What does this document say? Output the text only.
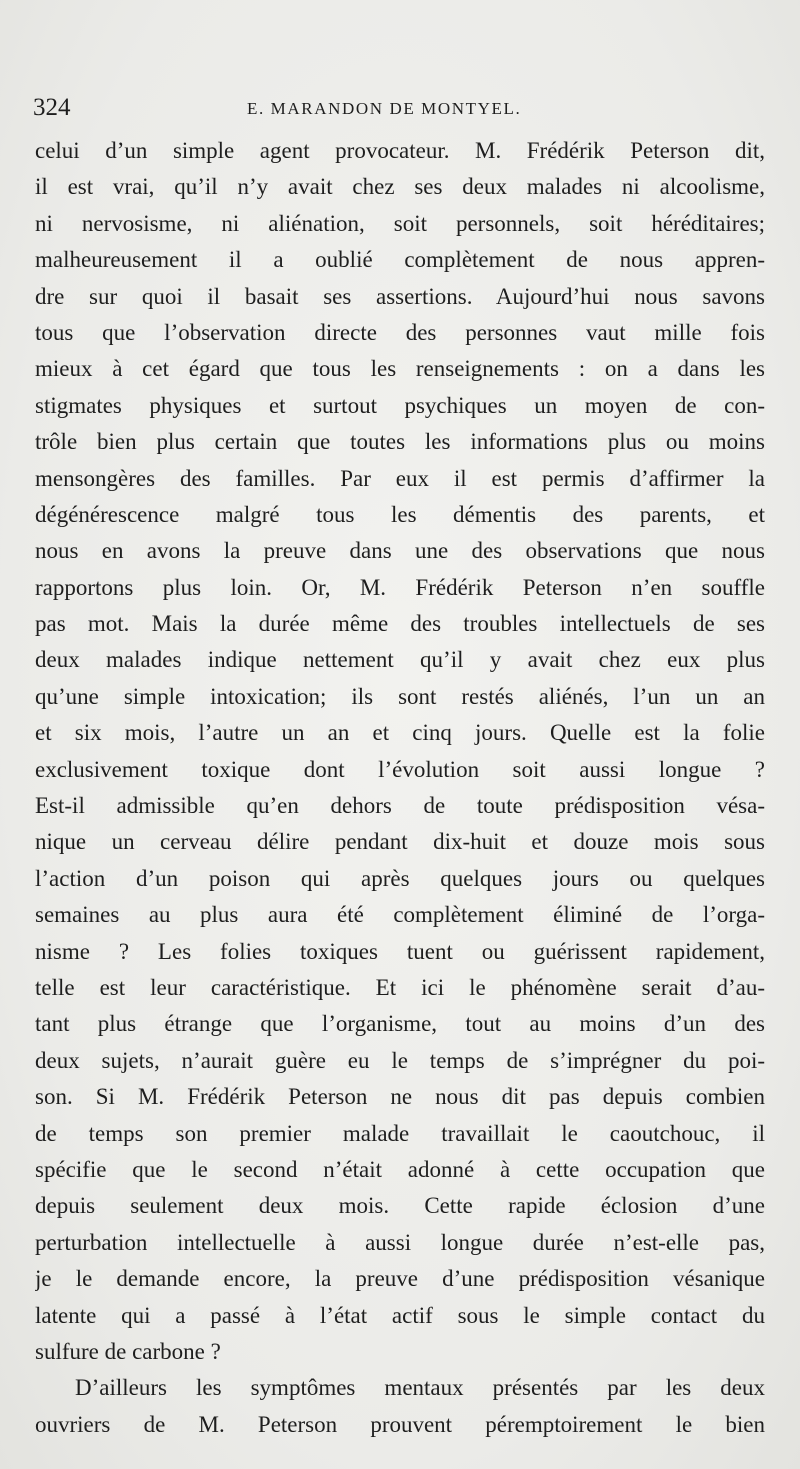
324	E. MARANDON DE MONTYEL.
celui d’un simple agent provocateur. M. Frédérik Peterson dit,
il est vrai, qu’il n’y avait chez ses deux malades ni alcoolisme,
ni nervosisme, ni aliénation, soit personnels, soit héréditaires;
malheureusement il a oublié complètement de nous appren-
dre sur quoi il basait ses assertions. Aujourd’hui nous savons
tous que l’observation directe des personnes vaut mille fois
mieux à cet égard que tous les renseignements : on a dans les
stigmates physiques et surtout psychiques un moyen de con-
trôle bien plus certain que toutes les informations plus ou moins
mensongères des familles. Par eux il est permis d’affirmer la
dégénérescence malgré tous les démentis des parents, et
nous en avons la preuve dans une des observations que nous
rapportons plus loin. Or, M. Frédérik Peterson n’en souffle
pas mot. Mais la durée même des troubles intellectuels de ses
deux malades indique nettement qu’il y avait chez eux plus
qu’une simple intoxication; ils sont restés aliénés, l’un un an
et six mois, l’autre un an et cinq jours. Quelle est la folie
exclusivement toxique dont l’évolution soit aussi longue ?
Est-il admissible qu’en dehors de toute prédisposition vésa-
nique un cerveau délire pendant dix-huit et douze mois sous
l’action d’un poison qui après quelques jours ou quelques
semaines au plus aura été complètement éliminé de l’orga-
nisme ? Les folies toxiques tuent ou guérissent rapidement,
telle est leur caractéristique. Et ici le phénomène serait d’au-
tant plus étrange que l’organisme, tout au moins d’un des
deux sujets, n’aurait guère eu le temps de s’imprégner du poi-
son. Si M. Frédérik Peterson ne nous dit pas depuis combien
de temps son premier malade travaillait le caoutchouc, il
spécifie que le second n’était adonné à cette occupation que
depuis seulement deux mois. Cette rapide éclosion d’une
perturbation intellectuelle à aussi longue durée n’est-elle pas,
je le demande encore, la preuve d’une prédisposition vésanique
latente qui a passé à l’état actif sous le simple contact du
sulfure de carbone ?
D’ailleurs les symptômes mentaux présentés par les deux
ouvriers de M. Peterson prouvent péremptoirement le bien
